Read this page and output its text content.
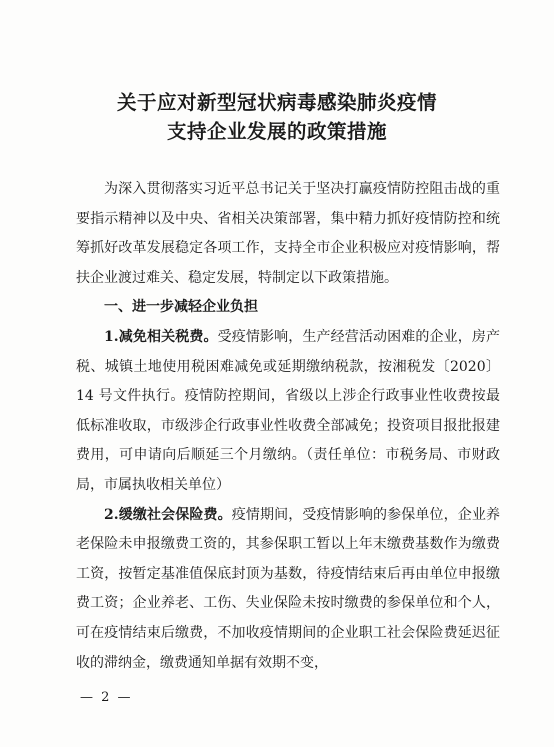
关于应对新型冠状病毒感染肺炎疫情
支持企业发展的政策措施

为深入贯彻落实习近平总书记关于坚决打赢疫情防控阻击战的重要指示精神以及中央、省相关决策部署，集中精力抓好疫情防控和统筹抓好改革发展稳定各项工作，支持全市企业积极应对疫情影响，帮扶企业渡过难关、稳定发展，特制定以下政策措施。

一、进一步减轻企业负担

1.减免相关税费。受疫情影响，生产经营活动困难的企业，房产税、城镇土地使用税困难减免或延期缴纳税款，按湘税发〔2020〕14 号文件执行。疫情防控期间，省级以上涉企行政事业性收费按最低标准收取，市级涉企行政事业性收费全部减免；投资项目报批报建费用，可申请向后顺延三个月缴纳。（责任单位：市税务局、市财政局，市属执收相关单位）

2.缓缴社会保险费。疫情期间，受疫情影响的参保单位，企业养老保险未申报缴费工资的，其参保职工暂以上年末缴费基数作为缴费工资，按暂定基准值保底封顶为基数，待疫情结束后再由单位申报缴费工资；企业养老、工伤、失业保险未按时缴费的参保单位和个人，可在疫情结束后缴费，不加收疫情期间的企业职工社会保险费延迟征收的滞纳金，缴费通知单据有效期不变，

— 2 —
